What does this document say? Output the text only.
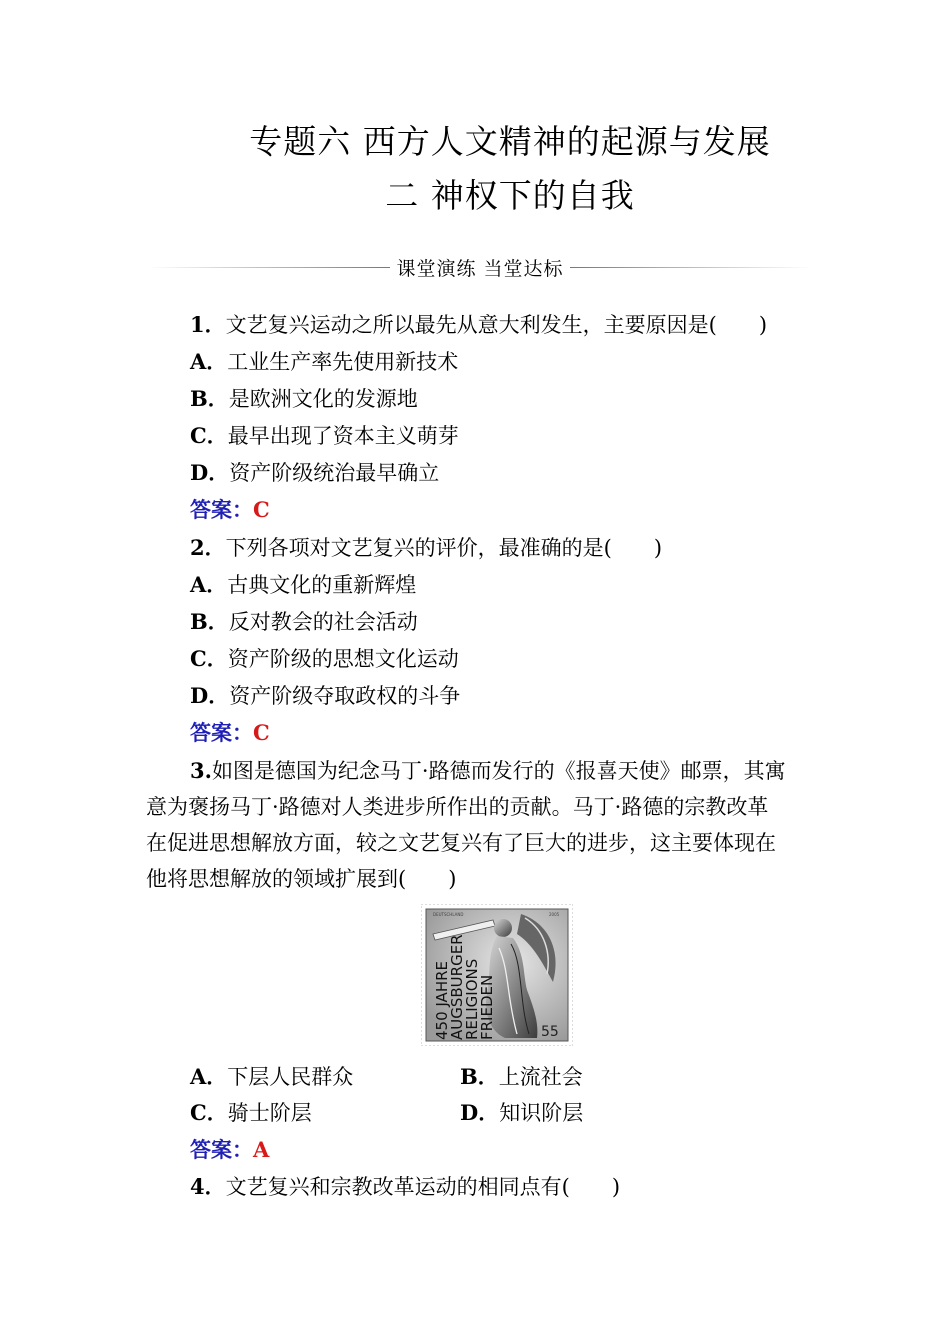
专题六 西方人文精神的起源与发展
二 神权下的自我
课堂演练 当堂达标
1．文艺复兴运动之所以最先从意大利发生，主要原因是(　　)
A．工业生产率先使用新技术
B．是欧洲文化的发源地
C．最早出现了资本主义萌芽
D．资产阶级统治最早确立
答案：C
2．下列各项对文艺复兴的评价，最准确的是(　　)
A．古典文化的重新辉煌
B．反对教会的社会活动
C．资产阶级的思想文化运动
D．资产阶级夺取政权的斗争
答案：C
3.如图是德国为纪念马丁·路德而发行的《报喜天使》邮票，其寓
意为褒扬马丁·路德对人类进步所作出的贡献。马丁·路德的宗教改革
在促进思想解放方面，较之文艺复兴有了巨大的进步，这主要体现在
他将思想解放的领域扩展到(　　)
DEUTSCHLAND	2005
450 JAHRE
AUGSBURGER
RELIGIONS
FRIEDEN	55
A．下层人民群众	B．上流社会
C．骑士阶层	D．知识阶层
答案：A
4．文艺复兴和宗教改革运动的相同点有(　　)
